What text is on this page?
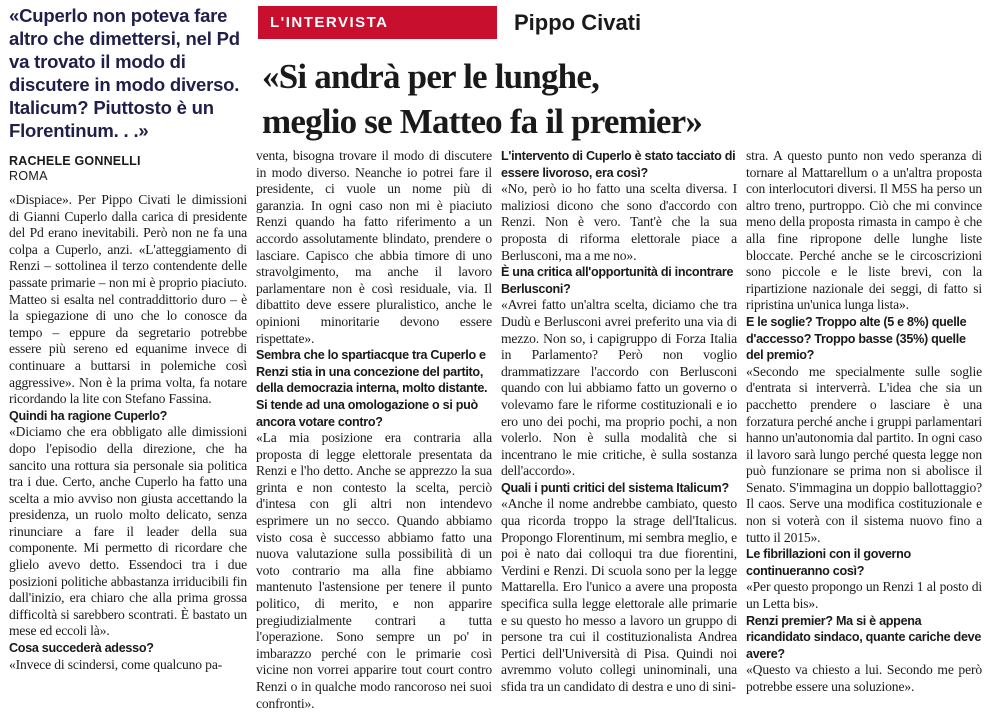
«Cuperlo non poteva fare altro che dimettersi, nel Pd va trovato il modo di discutere in modo diverso. Italicum? Piuttosto è un Florentinum. . .»
RACHELE GONNELLI
ROMA
L'INTERVISTA	Pippo Civati
«Si andrà per le lunghe,
meglio se Matteo fa il premier»

«Dispiace». Per Pippo Civati le dimissioni di Gianni Cuperlo dalla carica di presidente del Pd erano inevitabili. Però non ne fa una colpa a Cuperlo, anzi. «L'atteggiamento di Renzi – sottolinea il terzo contendente delle passate primarie – non mi è proprio piaciuto. Matteo si esalta nel contraddittorio duro – è la spiegazione di uno che lo conosce da tempo – eppure da segretario potrebbe essere più sereno ed equanime invece di continuare a buttarsi in polemiche così aggressive». Non è la prima volta, fa notare ricordando la lite con Stefano Fassina.

Quindi ha ragione Cuperlo?

«Diciamo che era obbligato alle dimissioni dopo l'episodio della direzione, che ha sancito una rottura sia personale sia politica tra i due. Certo, anche Cuperlo ha fatto una scelta a mio avviso non giusta accettando la presidenza, un ruolo molto delicato, senza rinunciare a fare il leader della sua componente. Mi permetto di ricordare che glielo avevo detto. Essendoci tra i due posizioni politiche abbastanza irriducibili fin dall'inizio, era chiaro che alla prima grossa difficoltà si sarebbero scontrati. È bastato un mese ed eccoli là».

Cosa succederà adesso?

«Invece di scindersi, come qualcuno pa-

venta, bisogna trovare il modo di discutere in modo diverso. Neanche io potrei fare il presidente, ci vuole un nome più di garanzia. In ogni caso non mi è piaciuto Renzi quando ha fatto riferimento a un accordo assolutamente blindato, prendere o lasciare. Capisco che abbia timore di uno stravolgimento, ma anche il lavoro parlamentare non è così residuale, via. Il dibattito deve essere pluralistico, anche le opinioni minoritarie devono essere rispettate».

Sembra che lo spartiacque tra Cuperlo e Renzi stia in una concezione del partito, della democrazia interna, molto distante. Si tende ad una omologazione o si può ancora votare contro?

«La mia posizione era contraria alla proposta di legge elettorale presentata da Renzi e l'ho detto. Anche se apprezzo la sua grinta e non contesto la scelta, perciò d'intesa con gli altri non intendevo esprimere un no secco. Quando abbiamo visto cosa è successo abbiamo fatto una nuova valutazione sulla possibilità di un voto contrario ma alla fine abbiamo mantenuto l'astensione per tenere il punto politico, di merito, e non apparire pregiudizialmente contrari a tutta l'operazione. Sono sempre un po' in imbarazzo perché con le primarie così vicine non vorrei apparire tout court contro Renzi o in qualche modo rancoroso nei suoi confronti».

L'intervento di Cuperlo è stato tacciato di essere livoroso, era così?

«No, però io ho fatto una scelta diversa. I maliziosi dicono che sono d'accordo con Renzi. Non è vero. Tant'è che la sua proposta di riforma elettorale piace a Berlusconi, ma a me no».

È una critica all'opportunità di incontrare Berlusconi?

«Avrei fatto un'altra scelta, diciamo che tra Dudù e Berlusconi avrei preferito una via di mezzo. Non so, i capigruppo di Forza Italia in Parlamento? Però non voglio drammatizzare l'accordo con Berlusconi quando con lui abbiamo fatto un governo o volevamo fare le riforme costituzionali e io ero uno dei pochi, ma proprio pochi, a non volerlo. Non è sulla modalità che si incentrano le mie critiche, è sulla sostanza dell'accordo».

Quali i punti critici del sistema Italicum?

«Anche il nome andrebbe cambiato, questo qua ricorda troppo la strage dell'Italicus. Propongo Florentinum, mi sembra meglio, e poi è nato dai colloqui tra due fiorentini, Verdini e Renzi. Di scuola sono per la legge Mattarella. Ero l'unico a avere una proposta specifica sulla legge elettorale alle primarie e su questo ho messo a lavoro un gruppo di persone tra cui il costituzionalista Andrea Pertici dell'Università di Pisa. Quindi noi avremmo voluto collegi uninominali, una sfida tra un candidato di destra e uno di sini-

stra. A questo punto non vedo speranza di tornare al Mattarellum o a un'altra proposta con interlocutori diversi. Il M5S ha perso un altro treno, purtroppo. Ciò che mi convince meno della proposta rimasta in campo è che alla fine ripropone delle lunghe liste bloccate. Perché anche se le circoscrizioni sono piccole e le liste brevi, con la ripartizione nazionale dei seggi, di fatto si ripristina un'unica lunga lista».

E le soglie? Troppo alte (5 e 8%) quelle d'accesso? Troppo basse (35%) quelle del premio?

«Secondo me specialmente sulle soglie d'entrata si interverrà. L'idea che sia un pacchetto prendere o lasciare è una forzatura perché anche i gruppi parlamentari hanno un'autonomia dal partito. In ogni caso il lavoro sarà lungo perché questa legge non può funzionare se prima non si abolisce il Senato. S'immagina un doppio ballottaggio? Il caos. Serve una modifica costituzionale e non si voterà con il sistema nuovo fino a tutto il 2015».

Le fibrillazioni con il governo continueranno così?

«Per questo propongo un Renzi 1 al posto di un Letta bis».

Renzi premier? Ma si è appena ricandidato sindaco, quante cariche deve avere?

«Questo va chiesto a lui. Secondo me però potrebbe essere una soluzione».
